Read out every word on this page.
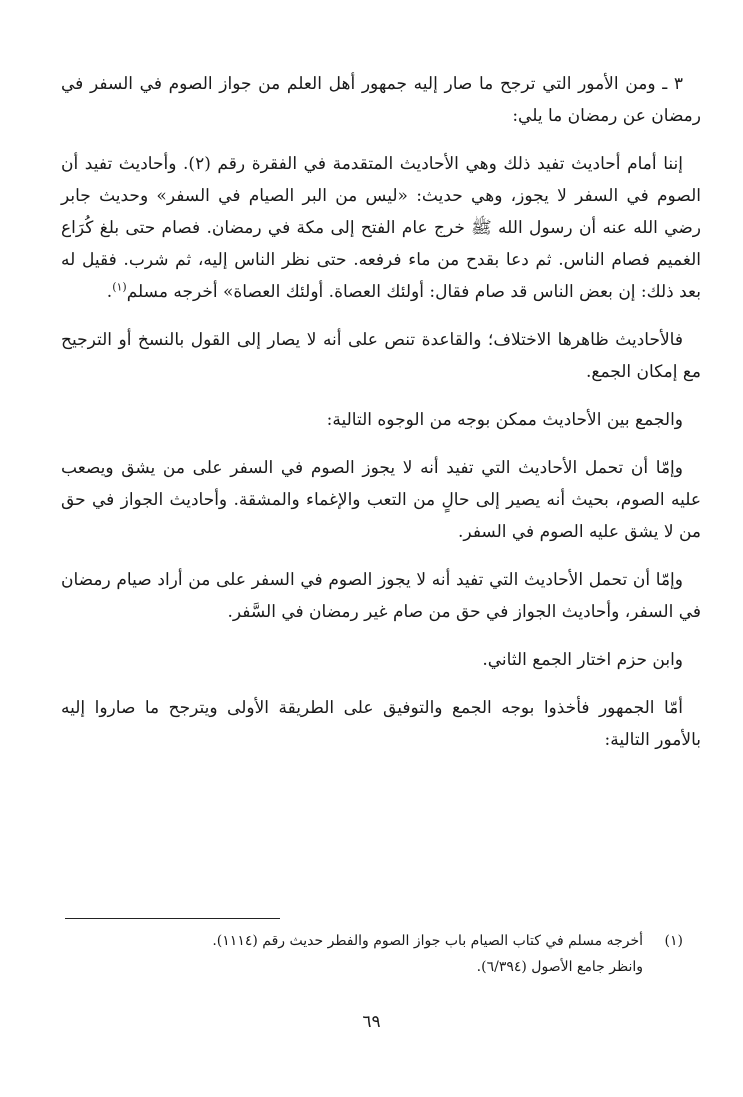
٣ ـ ومن الأمور التي ترجح ما صار إليه جمهور أهل العلم من جواز الصوم في السفر في رمضان عن رمضان ما يلي:

إننا أمام أحاديث تفيد ذلك وهي الأحاديث المتقدمة في الفقرة رقم (٢). وأحاديث تفيد أن الصوم في السفر لا يجوز، وهي حديث: «ليس من البر الصيام في السفر» وحديث جابر رضي الله عنه أن رسول الله ﷺ خرج عام الفتح إلى مكة في رمضان. فصام حتى بلغ كُرَاع الغميم فصام الناس. ثم دعا بقدح من ماء فرفعه. حتى نظر الناس إليه، ثم شرب. فقيل له بعد ذلك: إن بعض الناس قد صام فقال: أولئك العصاة. أولئك العصاة» أخرجه مسلم$^{(١)}$.

فالأحاديث ظاهرها الاختلاف؛ والقاعدة تنص على أنه لا يصار إلى القول بالنسخ أو الترجيح مع إمكان الجمع.

والجمع بين الأحاديث ممكن بوجه من الوجوه التالية:

وإمّا أن تحمل الأحاديث التي تفيد أنه لا يجوز الصوم في السفر على من يشق ويصعب عليه الصوم، بحيث أنه يصير إلى حالٍ من التعب والإغماء والمشقة. وأحاديث الجواز في حق من لا يشق عليه الصوم في السفر.

وإمّا أن تحمل الأحاديث التي تفيد أنه لا يجوز الصوم في السفر على من أراد صيام رمضان في السفر، وأحاديث الجواز في حق من صام غير رمضان في السَّفر.

وابن حزم اختار الجمع الثاني.

أمّا الجمهور فأخذوا بوجه الجمع والتوفيق على الطريقة الأولى ويترجح ما صاروا إليه بالأمور التالية:

(١)
أخرجه مسلم في كتاب الصيام باب جواز الصوم والفطر حديث رقم (١١١٤).
وانظر جامع الأصول (٦/٣٩٤).
٦٩
